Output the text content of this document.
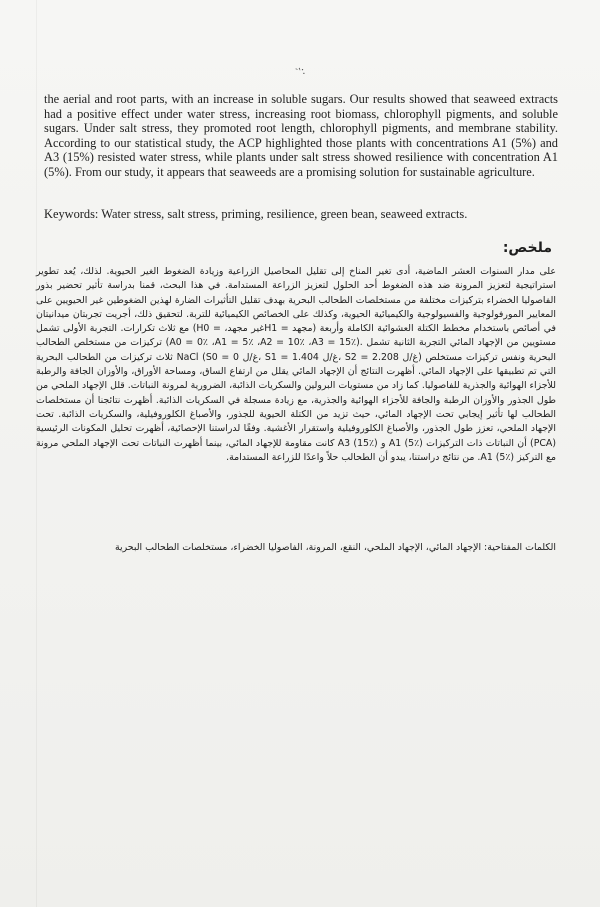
`':

the aerial and root parts, with an increase in soluble sugars. Our results showed that seaweed extracts had a positive effect under water stress, increasing root biomass, chlorophyll pigments, and soluble sugars. Under salt stress, they promoted root length, chlorophyll pigments, and membrane stability. According to our statistical study, the ACP highlighted those plants with concentrations A1 (5%) and A3 (15%) resisted water stress, while plants under salt stress showed resilience with concentration A1 (5%). From our study, it appears that seaweeds are a promising solution for sustainable agriculture.

Keywords: Water stress, salt stress, priming, resilience, green bean, seaweed extracts.

ملخص:

على مدار السنوات العشر الماضية، أدى تغير المناخ إلى تقليل المحاصيل الزراعية وزيادة الضغوط الغير الحيوية. لذلك، يُعد تطوير استراتيجية لتعزيز المرونة ضد هذه الضغوط أحد الحلول لتعزيز الزراعة المستدامة. في هذا البحث، قمنا بدراسة تأثير تحضير بذور الفاصوليا الخضراء بتركيزات مختلفة من مستخلصات الطحالب البحرية بهدف تقليل التأثيرات الضارة لهذين الضغوطين غير الحيويين على المعايير المورفولوجية والفسيولوجية والكيميائية الحيوية، وكذلك على الخصائص الكيميائية للتربة. لتحقيق ذلك، أجريت تجربتان ميدانيتان في أصائص باستخدام مخطط الكتلة العشوائية الكاملة وأربعة (مجهد = H1غير مجهد، = H0) مع ثلاث تكرارات. التجربة الأولى تشمل مستويين من الإجهاد المائي التجربة الثانية تشمل .(A0 = 0٪ ،A1 = 5٪ ،A2 = 10٪ ،A3 = 15٪) تركيزات من مستخلص الطحالب البحرية ونفس تركيزات مستخلص (غ/ل S2 = 2.208 ،غ/ل S1 = 1.404 ،غ/ل S0 = 0) NaCl ثلاث تركيزات من الطحالب البحرية التي تم تطبيقها على الإجهاد المائي. أظهرت النتائج أن الإجهاد المائي يقلل من ارتفاع الساق، ومساحة الأوراق، والأوزان الجافة والرطبة للأجزاء الهوائية والجذرية للفاصوليا. كما زاد من مستويات البرولين والسكريات الذائبة، الضرورية لمرونة النباتات. قلل الإجهاد الملحي من طول الجذور والأوزان الرطبة والجافة للأجزاء الهوائية والجذرية، مع زيادة مسجلة في السكريات الذائبة. أظهرت نتائجنا أن مستخلصات الطحالب لها تأثير إيجابي تحت الإجهاد المائي، حيث تزيد من الكتلة الحيوية للجذور، والأصباغ الكلوروفيلية، والسكريات الذائبة. تحت الإجهاد الملحي، تعزز طول الجذور، والأصباغ الكلوروفيلية واستقرار الأغشية. وفقًا لدراستنا الإحصائية، أظهرت تحليل المكونات الرئيسية (PCA) أن النباتات ذات التركيزات A1 (5٪) و A3 (15٪) كانت مقاومة للإجهاد المائي، بينما أظهرت النباتات تحت الإجهاد الملحي مرونة مع التركيز A1 (5٪). من نتائج دراستنا، يبدو أن الطحالب حلاً واعدًا للزراعة المستدامة.

الكلمات المفتاحية: الإجهاد المائي، الإجهاد الملحي، النقع، المرونة، الفاصوليا الخضراء، مستخلصات الطحالب البحرية
